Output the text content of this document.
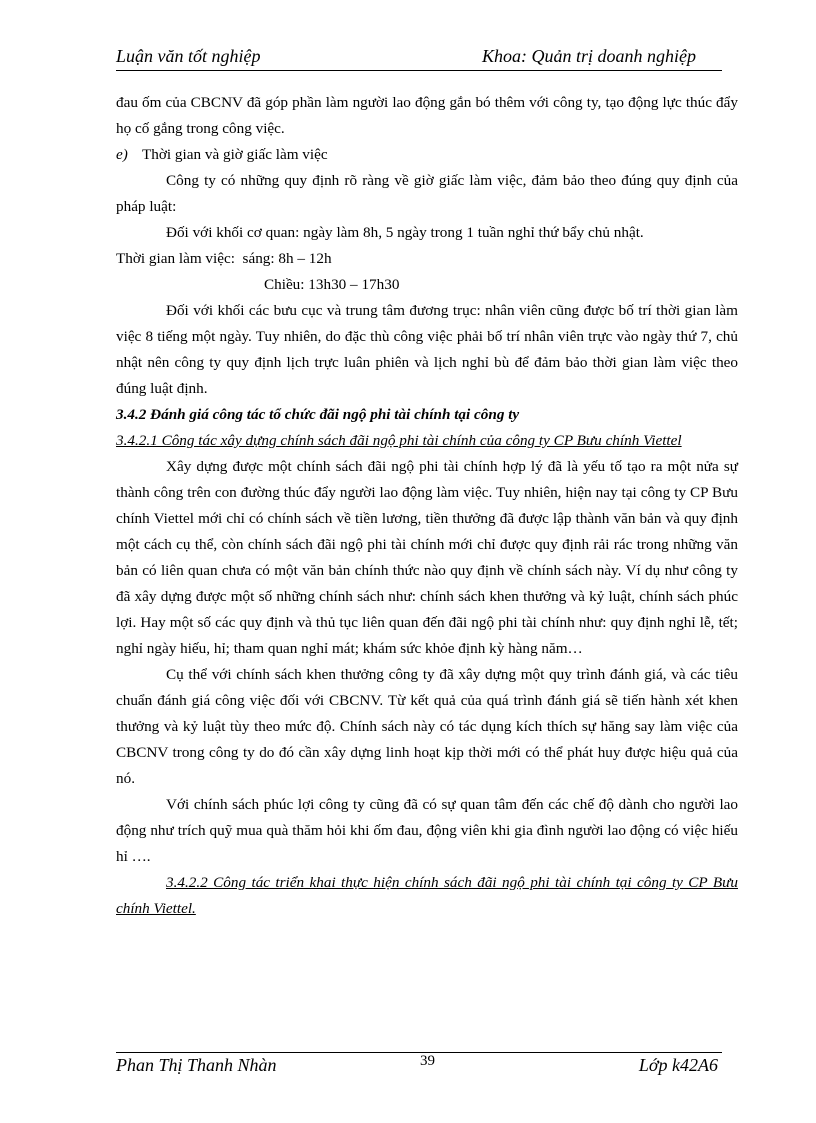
Luận văn tốt nghiệp	Khoa: Quản trị doanh nghiệp

đau ốm của CBCNV đã góp phần làm người lao động gắn bó thêm với công ty, tạo động lực thúc đẩy họ cố gắng trong công việc.

e) Thời gian và giờ giấc làm việc

Công ty có những quy định rõ ràng về giờ giấc làm việc, đảm bảo theo đúng quy định của pháp luật:

Đối với khối cơ quan: ngày làm 8h, 5 ngày trong 1 tuần nghỉ thứ bẩy chủ nhật.

Thời gian làm việc:
sáng: 8h – 12h
Chiều: 13h30 – 17h30

Đối với khối các bưu cục và trung tâm đương trục: nhân viên cũng được bố trí thời gian làm việc 8 tiếng một ngày. Tuy nhiên, do đặc thù công việc phải bố trí nhân viên trực vào ngày thứ 7, chủ nhật nên công ty quy định lịch trực luân phiên và lịch nghỉ bù để đảm bảo thời gian làm việc theo đúng luật định.

3.4.2 Đánh giá công tác tổ chức đãi ngộ phi tài chính tại công ty

3.4.2.1 Công tác xây dựng chính sách đãi ngộ phi tài chính của công ty CP Bưu chính Viettel

Xây dựng được một chính sách đãi ngộ phi tài chính hợp lý đã là yếu tố tạo ra một nửa sự thành công trên con đường thúc đẩy người lao động làm việc. Tuy nhiên, hiện nay tại công ty CP Bưu chính Viettel mới chỉ có chính sách về tiền lương, tiền thưởng đã được lập thành văn bản và quy định một cách cụ thể, còn chính sách đãi ngộ phi tài chính mới chỉ được quy định rải rác trong những văn bản có liên quan chưa có một văn bản chính thức nào quy định về chính sách này. Ví dụ như công ty đã xây dựng được một số những chính sách như: chính sách khen thưởng và kỷ luật, chính sách phúc lợi. Hay một số các quy định và thủ tục liên quan đến đãi ngộ phi tài chính như: quy định nghỉ lễ, tết; nghỉ ngày hiếu, hỉ; tham quan nghỉ mát; khám sức khỏe định kỳ hàng năm…

Cụ thể với chính sách khen thưởng công ty đã xây dựng một quy trình đánh giá, và các tiêu chuẩn đánh giá công việc đối với CBCNV. Từ kết quả của quá trình đánh giá sẽ tiến hành xét khen thưởng và kỷ luật tùy theo mức độ. Chính sách này có tác dụng kích thích sự hăng say làm việc của CBCNV trong công ty do đó cần xây dựng linh hoạt kịp thời mới có thể phát huy được hiệu quả của nó.

Với chính sách phúc lợi công ty cũng đã có sự quan tâm đến các chế độ dành cho người lao động như trích quỹ mua quà thăm hỏi khi ốm đau, động viên khi gia đình người lao động có việc hiếu hỉ ….

3.4.2.2 Công tác triển khai thực hiện chính sách đãi ngộ phi tài chính tại công ty CP Bưu chính Viettel.

Phan Thị Thanh Nhàn	39	Lớp k42A6
